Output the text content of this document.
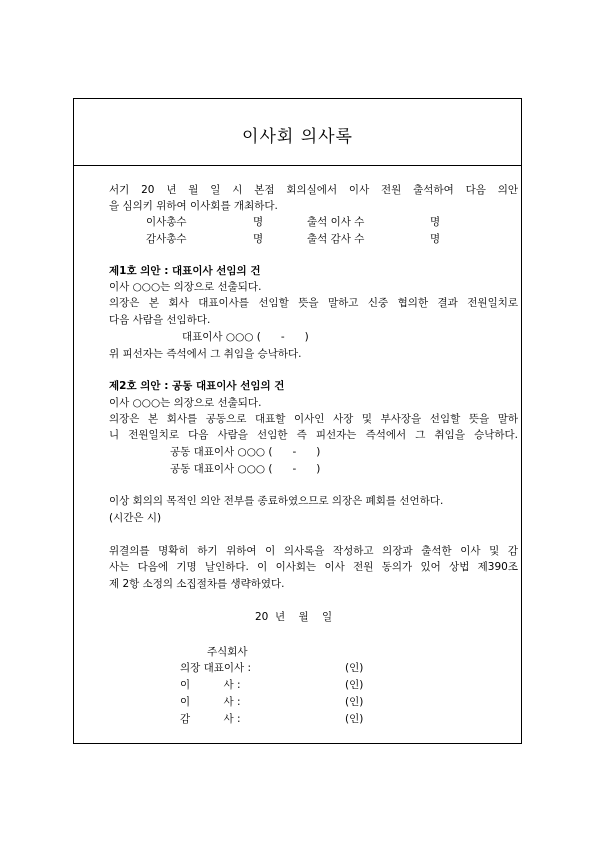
이사회 의사록
서기 20 년 월 일 시 본점 회의실에서 이사 전원 출석하여 다음 의안
을 심의키 위하여 이사회를 개최하다.
이사총수	명	출석 이사 수	명
감사총수	명	출석 감사 수	명
제1호 의안 : 대표이사 선임의 건
이사 ○○○는 의장으로 선출되다.
의장은 본 회사 대표이사를 선임할 뜻을 말하고 신중 협의한 결과 전원일치로
다음 사람을 선임하다.
대표이사 ○○○ (      -      )
위 피선자는 즉석에서 그 취임을 승낙하다.
제2호 의안 : 공동 대표이사 선임의 건
이사 ○○○는 의장으로 선출되다.
의장은 본 회사를 공동으로 대표할 이사인 사장 및 부사장을 선임할 뜻을 말하
니 전원일치로 다음 사람을 선임한 즉 피선자는 즉석에서 그 취임을 승낙하다.
공동 대표이사 ○○○ (      -      )
공동 대표이사 ○○○ (      -      )
이상 회의의 목적인 의안 전부를 종료하였으므로 의장은 폐회를 선언하다.
(시간은 시)
위결의를 명확히 하기 위하여 이 의사록을 작성하고 의장과 출석한 이사 및 감
사는 다음에 기명 날인하다. 이 이사회는 이사 전원 동의가 있어 상법 제390조
제 2항 소정의 소집절차를 생략하였다.
20  년    월    일
주식회사
의장 대표이사 :	(인)
이          사 :	(인)
이          사 :	(인)
감          사 :	(인)
